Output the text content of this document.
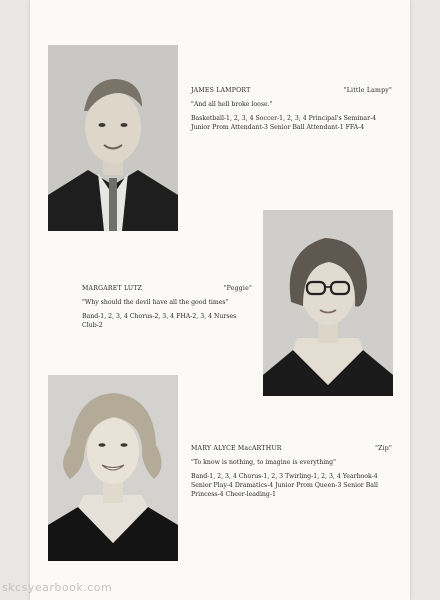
JAMES LAMPORT	"Little Lampy"
"And all hell broke loose."
Basketball-1, 2, 3, 4 Soccer-1, 2, 3, 4 Principal's Seminar-4 Junior Prom Attendant-3 Senior Ball Attendant-1 FFA-4
MARGARET LUTZ	"Peggie"
"Why should the devil have all the good times"
Band-1, 2, 3, 4 Chorus-2, 3, 4 FHA-2, 3, 4 Nurses Club-2
MARY ALYCE MacARTHUR	"Zip"
"To know is nothing, to imagine is everything"
Band-1, 2, 3, 4 Chorus-1, 2, 3 Twirling-1, 2, 3, 4 Yearbook-4 Senior Play-4 Dramatics-4 Junior Prom Queen-3 Senior Ball Princess-4 Cheer-leading-1
skcsyearbook.com
